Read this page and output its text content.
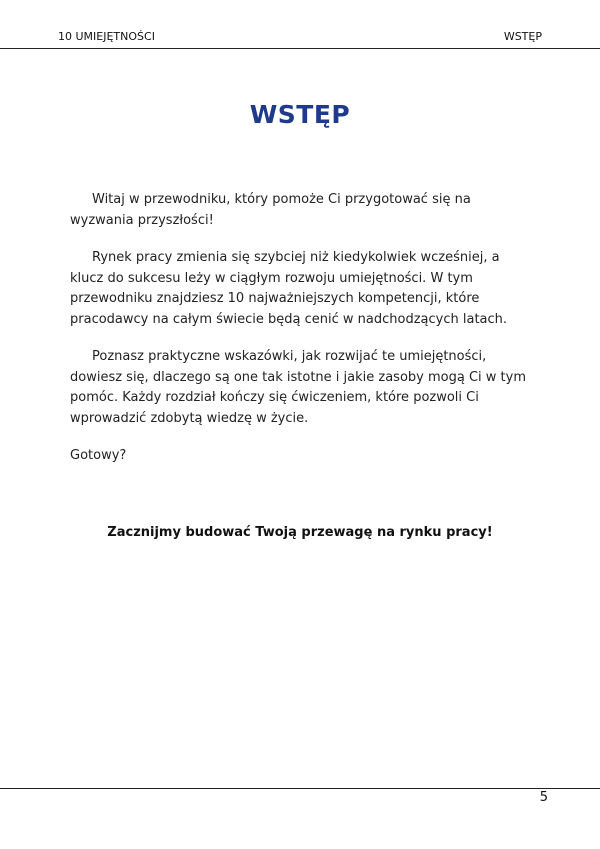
10 UMIEJĘTNOŚCI	WSTĘP
WSTĘP

Witaj w przewodniku, który pomoże Ci przygotować się na wyzwania przyszłości!

Rynek pracy zmienia się szybciej niż kiedykolwiek wcześniej, a klucz do sukcesu leży w ciągłym rozwoju umiejętności. W tym przewodniku znajdziesz 10 najważniejszych kompetencji, które pracodawcy na całym świecie będą cenić w nadchodzących latach.

Poznasz praktyczne wskazówki, jak rozwijać te umiejętności, dowiesz się, dlaczego są one tak istotne i jakie zasoby mogą Ci w tym pomóc. Każdy rozdział kończy się ćwiczeniem, które pozwoli Ci wprowadzić zdobytą wiedzę w życie.

Gotowy?

Zacznijmy budować Twoją przewagę na rynku pracy!
5
